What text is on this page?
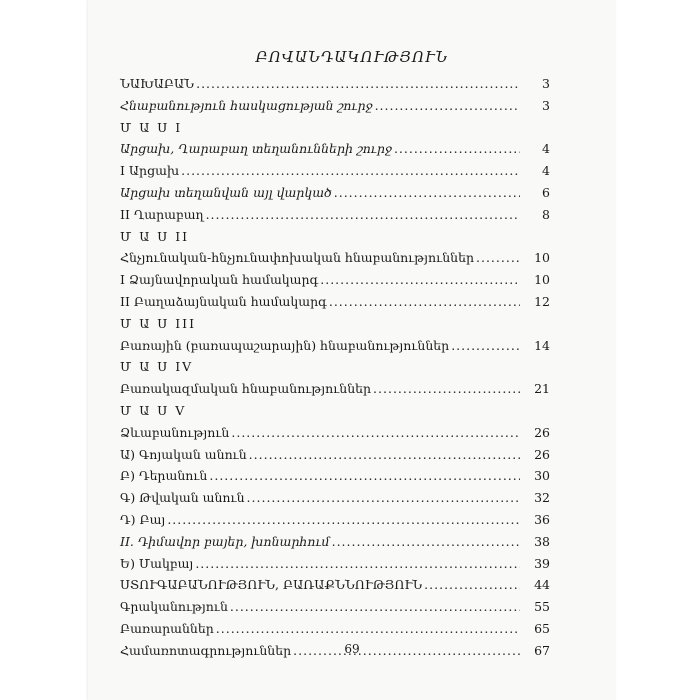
ԲՈՎԱՆԴԱԿՈՒԹՅՈՒՆ
ՆԱԽԱԲԱՆ .....	3
Հնաբանություն հասկացության շուրջ .....	3
Մ Ա Ս I
Արցախ, Ղարաբաղ տեղանունների շուրջ .....	4
I Արցախ .....	4
Արցախ տեղանվան այլ վարկած .....	6
II Ղարաբաղ .....	8
Մ Ա Ս II
Հնչյունական-հնչյունափոխական հնաբանություններ .....	10
I Ձայնավորական համակարգ .....	10
II Բաղաձայնական համակարգ .....	12
Մ Ա Ս III
Բառային (բառապաշարային) հնաբանություններ .....	14
Մ Ա Ս IV
Բառակազմական հնաբանություններ .....	21
Մ Ա Ս V
Ձևաբանություն .....	26
Ա) Գոյական անուն .....	26
Բ) Դերանուն .....	30
Գ) Թվական անուն .....	32
Դ) Բայ .....	36
II. Դիմավոր բայեր, խոնարհում .....	38
Ե) Մակբայ .....	39
ՍՏՈՒԳԱԲԱՆՈՒԹՅՈՒՆ, ԲԱՌԱՔՆՆՈՒԹՅՈՒՆ .....	44
Գրականություն .....	55
Բառարաններ .....	65
Համառոտագրություններ .....	67
69
